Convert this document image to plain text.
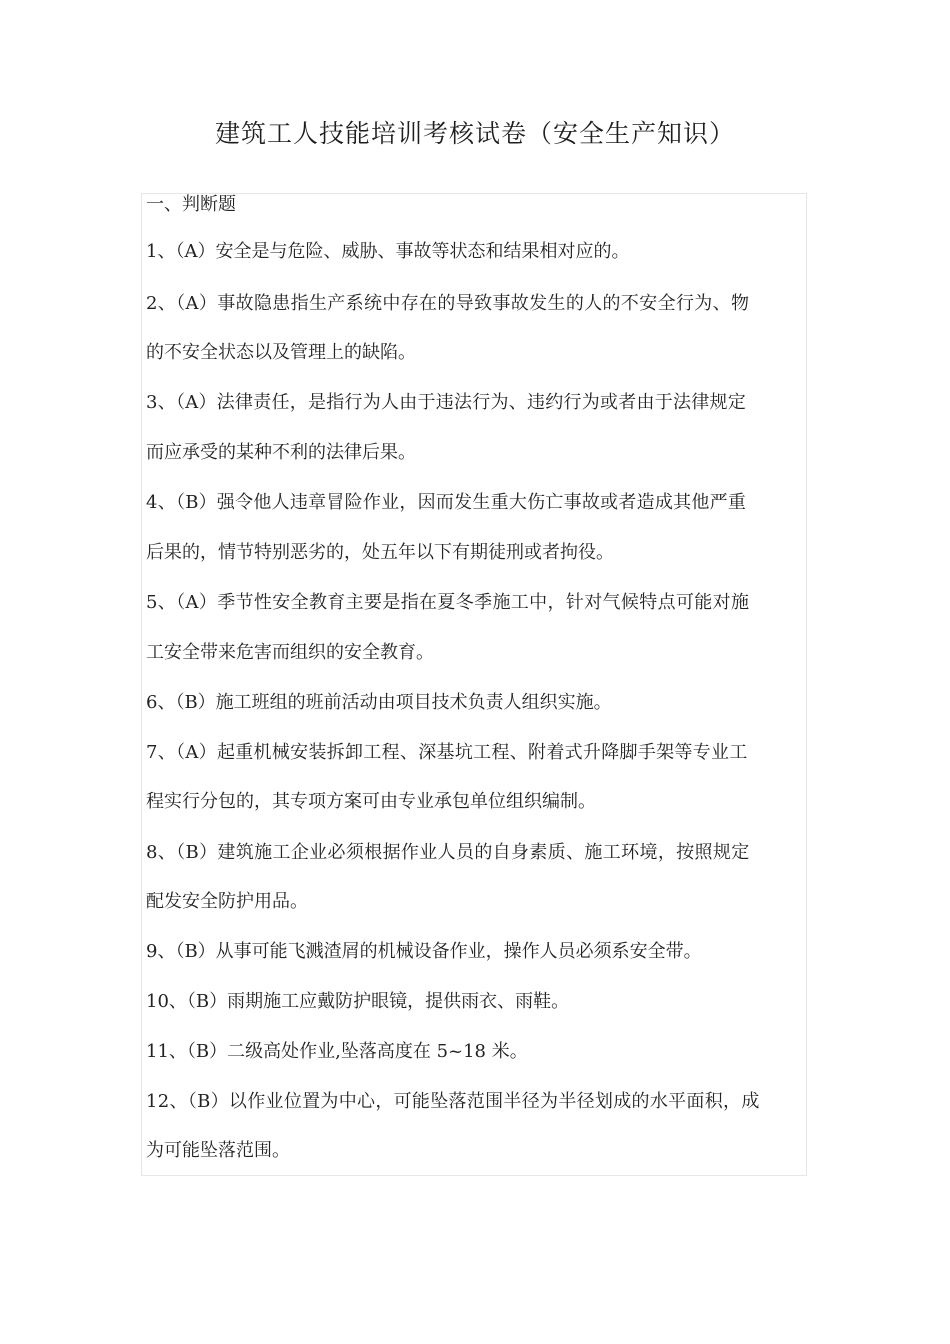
建筑工人技能培训考核试卷（安全生产知识）
一、判断题
1、（A）安全是与危险、威胁、事故等状态和结果相对应的。
2、（A）事故隐患指生产系统中存在的导致事故发生的人的不安全行为、物
的不安全状态以及管理上的缺陷。
3、（A）法律责任，是指行为人由于违法行为、违约行为或者由于法律规定
而应承受的某种不利的法律后果。
4、（B）强令他人违章冒险作业，因而发生重大伤亡事故或者造成其他严重
后果的，情节特别恶劣的，处五年以下有期徒刑或者拘役。
5、（A）季节性安全教育主要是指在夏冬季施工中，针对气候特点可能对施
工安全带来危害而组织的安全教育。
6、（B）施工班组的班前活动由项目技术负责人组织实施。
7、（A）起重机械安装拆卸工程、深基坑工程、附着式升降脚手架等专业工
程实行分包的，其专项方案可由专业承包单位组织编制。
8、（B）建筑施工企业必须根据作业人员的自身素质、施工环境，按照规定
配发安全防护用品。
9、（B）从事可能飞溅渣屑的机械设备作业，操作人员必须系安全带。
10、（B）雨期施工应戴防护眼镜，提供雨衣、雨鞋。
11、（B）二级高处作业,坠落高度在 5~18 米。
12、（B）以作业位置为中心，可能坠落范围半径为半径划成的水平面积，成
为可能坠落范围。
